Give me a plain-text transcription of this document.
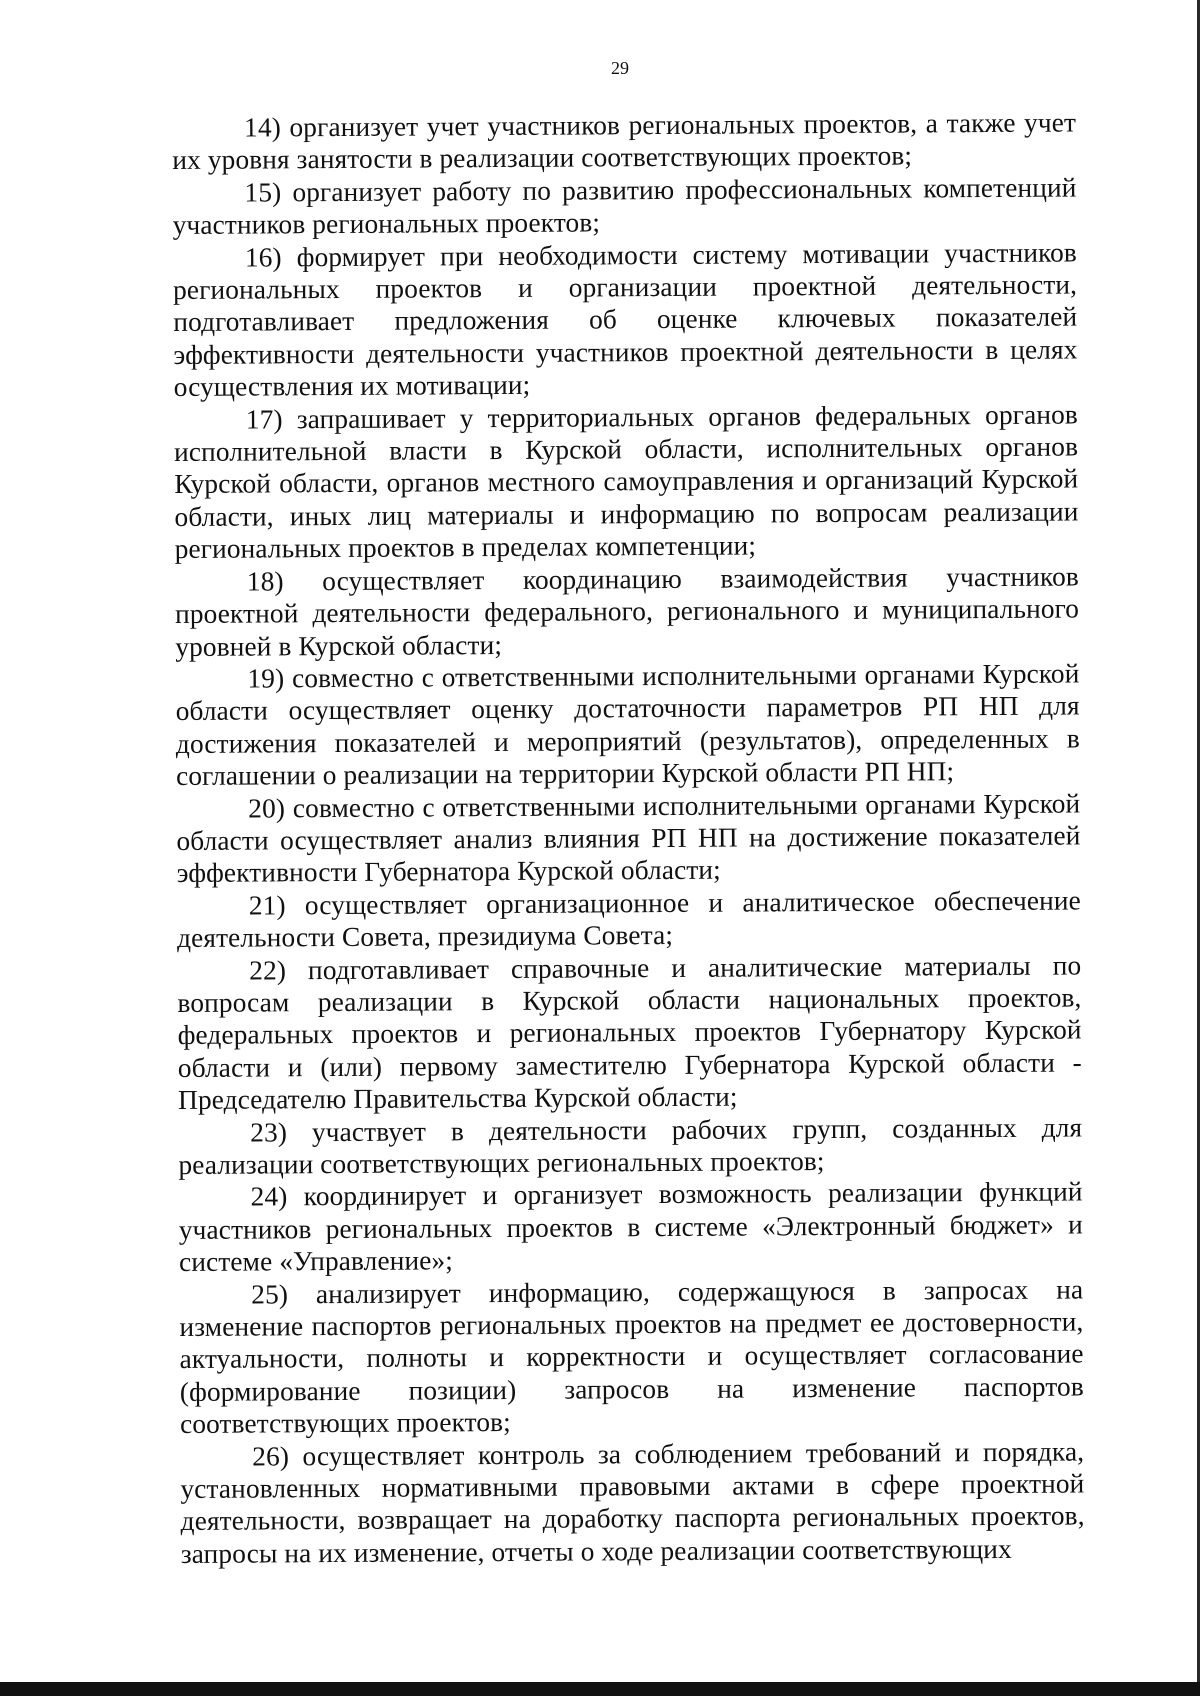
29

14) организует учет участников региональных проектов, а также учет их уровня занятости в реализации соответствующих проектов;

15) организует работу по развитию профессиональных компетенций участников региональных проектов;

16) формирует при необходимости систему мотивации участников региональных проектов и организации проектной деятельности, подготавливает предложения об оценке ключевых показателей эффективности деятельности участников проектной деятельности в целях осуществления их мотивации;

17) запрашивает у территориальных органов федеральных органов исполнительной власти в Курской области, исполнительных органов Курской области, органов местного самоуправления и организаций Курской области, иных лиц материалы и информацию по вопросам реализации региональных проектов в пределах компетенции;

18) осуществляет координацию взаимодействия участников проектной деятельности федерального, регионального и муниципального уровней в Курской области;

19) совместно с ответственными исполнительными органами Курской области осуществляет оценку достаточности параметров РП НП для достижения показателей и мероприятий (результатов), определенных в соглашении о реализации на территории Курской области РП НП;

20) совместно с ответственными исполнительными органами Курской области осуществляет анализ влияния РП НП на достижение показателей эффективности Губернатора Курской области;

21) осуществляет организационное и аналитическое обеспечение деятельности Совета, президиума Совета;

22) подготавливает справочные и аналитические материалы по вопросам реализации в Курской области национальных проектов, федеральных проектов и региональных проектов Губернатору Курской области и (или) первому заместителю Губернатора Курской области - Председателю Правительства Курской области;

23) участвует в деятельности рабочих групп, созданных для реализации соответствующих региональных проектов;

24) координирует и организует возможность реализации функций участников региональных проектов в системе «Электронный бюджет» и системе «Управление»;

25) анализирует информацию, содержащуюся в запросах на изменение паспортов региональных проектов на предмет ее достоверности, актуальности, полноты и корректности и осуществляет согласование (формирование позиции) запросов на изменение паспортов соответствующих проектов;

26) осуществляет контроль за соблюдением требований и порядка, установленных нормативными правовыми актами в сфере проектной деятельности, возвращает на доработку паспорта региональных проектов, запросы на их изменение, отчеты о ходе реализации соответствующих
